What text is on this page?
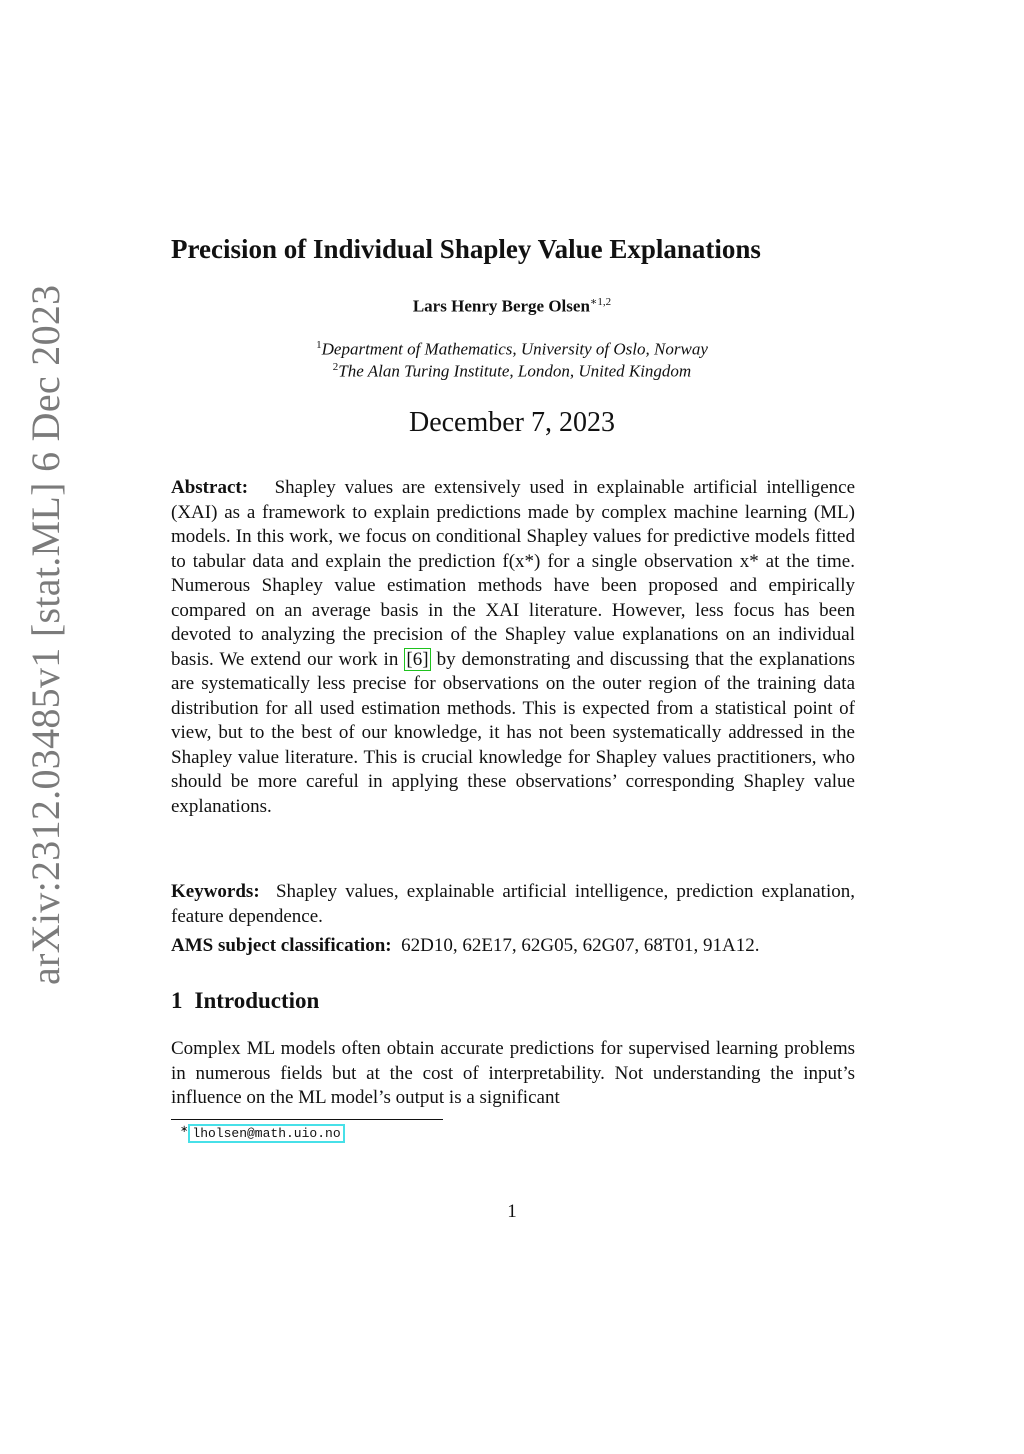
arXiv:2312.03485v1 [stat.ML] 6 Dec 2023
Precision of Individual Shapley Value Explanations
Lars Henry Berge Olsen$^{∗1,2}$
$^1$Department of Mathematics, University of Oslo, Norway
$^2$The Alan Turing Institute, London, United Kingdom
December 7, 2023
Abstract: Shapley values are extensively used in explainable artificial intelligence (XAI) as a framework to explain predictions made by complex machine learning (ML) models. In this work, we focus on conditional Shapley values for predictive models fitted to tabular data and explain the prediction f(x*) for a single observation x* at the time. Numerous Shapley value estimation methods have been proposed and empirically compared on an average basis in the XAI literature. However, less focus has been devoted to analyzing the precision of the Shapley value explanations on an individual basis. We extend our work in [6] by demonstrating and discussing that the explanations are systematically less precise for observations on the outer region of the training data distribution for all used estimation methods. This is expected from a statistical point of view, but to the best of our knowledge, it has not been systematically addressed in the Shapley value literature. This is crucial knowledge for Shapley values practitioners, who should be more careful in applying these observations’ corresponding Shapley value explanations.
Keywords: Shapley values, explainable artificial intelligence, prediction explanation, feature dependence.
AMS subject classification: 62D10, 62E17, 62G05, 62G07, 68T01, 91A12.
1 Introduction
Complex ML models often obtain accurate predictions for supervised learning problems in numerous fields but at the cost of interpretability. Not understanding the input’s influence on the ML model’s output is a significant
∗ lholsen@math.uio.no
1
